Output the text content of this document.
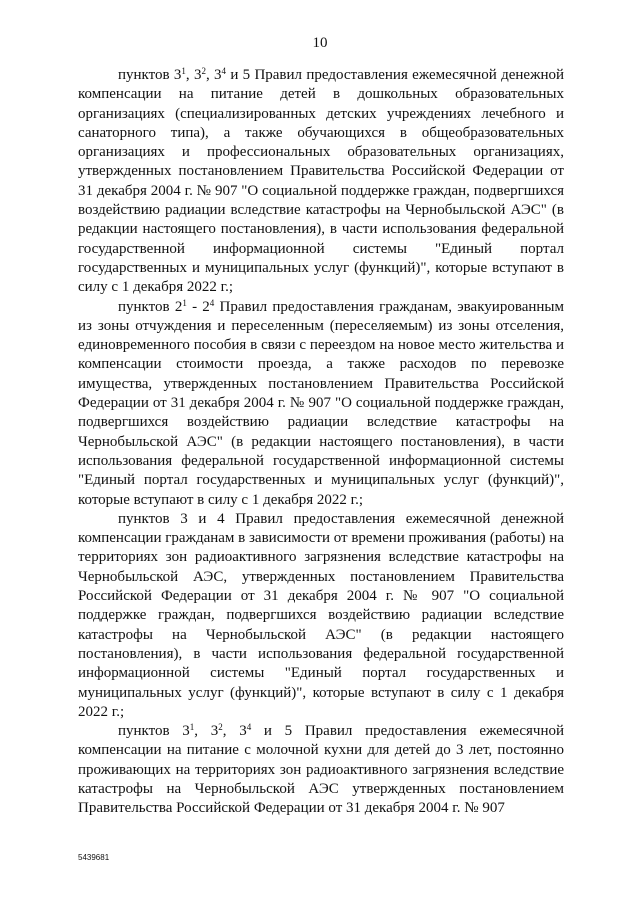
10

пунктов $3^1$, $3^2$, $3^4$ и 5 Правил предоставления ежемесячной денежной компенсации на питание детей в дошкольных образовательных организациях (специализированных детских учреждениях лечебного и санаторного типа), а также обучающихся в общеобразовательных организациях и профессиональных образовательных организациях, утвержденных постановлением Правительства Российской Федерации от 31 декабря 2004 г. № 907 "О социальной поддержке граждан, подвергшихся воздействию радиации вследствие катастрофы на Чернобыльской АЭС" (в редакции настоящего постановления), в части использования федеральной государственной информационной системы "Единый портал государственных и муниципальных услуг (функций)", которые вступают в силу с 1 декабря 2022 г.;

пунктов $2^1 - 2^4$ Правил предоставления гражданам, эвакуированным из зоны отчуждения и переселенным (переселяемым) из зоны отселения, единовременного пособия в связи с переездом на новое место жительства и компенсации стоимости проезда, а также расходов по перевозке имущества, утвержденных постановлением Правительства Российской Федерации от 31 декабря 2004 г. № 907 "О социальной поддержке граждан, подвергшихся воздействию радиации вследствие катастрофы на Чернобыльской АЭС" (в редакции настоящего постановления), в части использования федеральной государственной информационной системы "Единый портал государственных и муниципальных услуг (функций)", которые вступают в силу с 1 декабря 2022 г.;

пунктов 3 и 4 Правил предоставления ежемесячной денежной компенсации гражданам в зависимости от времени проживания (работы) на территориях зон радиоактивного загрязнения вследствие катастрофы на Чернобыльской АЭС, утвержденных постановлением Правительства Российской Федерации от 31 декабря 2004 г. № 907 "О социальной поддержке граждан, подвергшихся воздействию радиации вследствие катастрофы на Чернобыльской АЭС" (в редакции настоящего постановления), в части использования федеральной государственной информационной системы "Единый портал государственных и муниципальных услуг (функций)", которые вступают в силу с 1 декабря 2022 г.;

пунктов $3^1$, $3^2$, $3^4$ и 5 Правил предоставления ежемесячной компенсации на питание с молочной кухни для детей до 3 лет, постоянно проживающих на территориях зон радиоактивного загрязнения вследствие катастрофы на Чернобыльской АЭС утвержденных постановлением Правительства Российской Федерации от 31 декабря 2004 г. № 907

5439681
